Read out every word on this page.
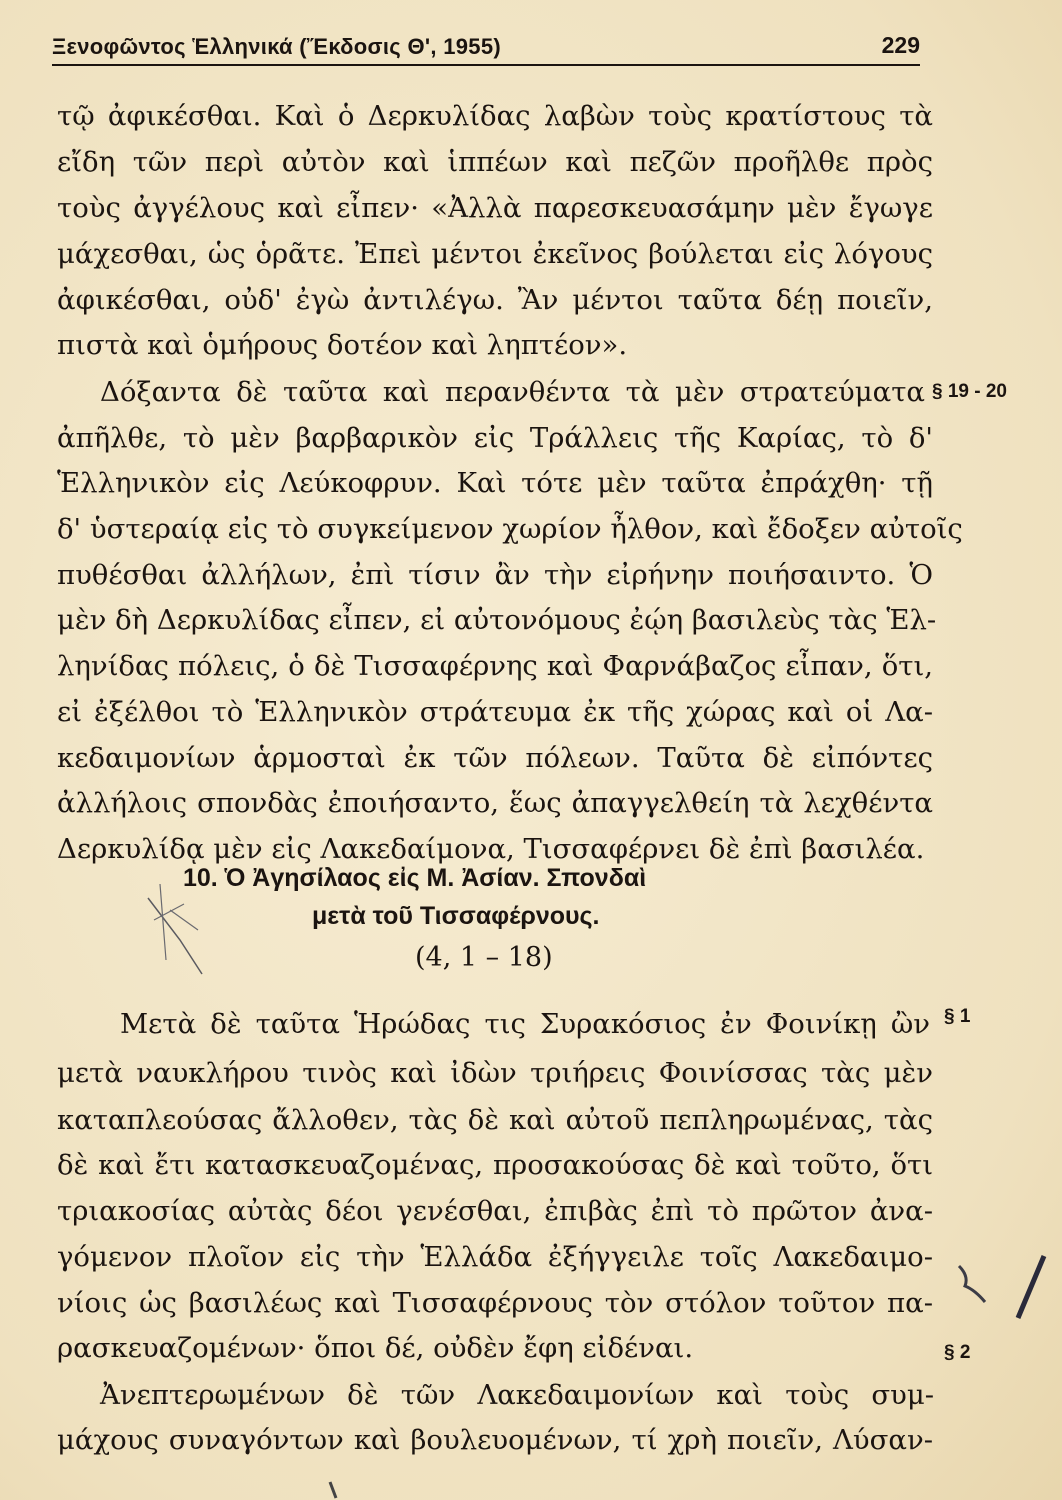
Ξενοφῶντος Ἑλληνικά (Ἔκδοσις Θ', 1955)	229
τῷ ἀφικέσθαι. Καὶ ὁ Δερκυλίδας λαβὼν τοὺς κρατίστους τὰ
εἴδη τῶν περὶ αὐτὸν καὶ ἱππέων καὶ πεζῶν προῆλθε πρὸς
τοὺς ἀγγέλους καὶ εἶπεν· «Ἀλλὰ παρεσκευασάμην μὲν ἔγωγε
μάχεσθαι, ὡς ὁρᾶτε. Ἐπεὶ μέντοι ἐκεῖνος βούλεται εἰς λόγους
ἀφικέσθαι, οὐδ' ἐγὼ ἀντιλέγω. Ἂν μέντοι ταῦτα δέῃ ποιεῖν,
πιστὰ καὶ ὁμήρους δοτέον καὶ ληπτέον».
Δόξαντα δὲ ταῦτα καὶ περανθέντα τὰ μὲν στρατεύματα § 19 - 20
ἀπῆλθε, τὸ μὲν βαρβαρικὸν εἰς Τράλλεις τῆς Καρίας, τὸ δ'
Ἑλληνικὸν εἰς Λεύκοφρυν. Καὶ τότε μὲν ταῦτα ἐπράχθη· τῇ
δ' ὑστεραίᾳ εἰς τὸ συγκείμενον χωρίον ἦλθον, καὶ ἔδοξεν αὐτοῖς
πυθέσθαι ἀλλήλων, ἐπὶ τίσιν ἂν τὴν εἰρήνην ποιήσαιντο. Ὁ
μὲν δὴ Δερκυλίδας εἶπεν, εἰ αὐτονόμους ἐῴη βασιλεὺς τὰς Ἑλ-
ληνίδας πόλεις, ὁ δὲ Τισσαφέρνης καὶ Φαρνάβαζος εἶπαν, ὅτι,
εἰ ἐξέλθοι τὸ Ἑλληνικὸν στράτευμα ἐκ τῆς χώρας καὶ οἱ Λα-
κεδαιμονίων ἁρμοσταὶ ἐκ τῶν πόλεων. Ταῦτα δὲ εἰπόντες
ἀλλήλοις σπονδὰς ἐποιήσαντο, ἕως ἀπαγγελθείη τὰ λεχθέντα
Δερκυλίδᾳ μὲν εἰς Λακεδαίμονα, Τισσαφέρνει δὲ ἐπὶ βασιλέα.
10. Ὁ Ἀγησίλαος εἰς Μ. Ἀσίαν. Σπονδαὶ
μετὰ τοῦ Τισσαφέρνους.
(4, 1 – 18)
Μετὰ δὲ ταῦτα Ἡρώδας τις Συρακόσιος ἐν Φοινίκῃ ὢν § 1
μετὰ ναυκλήρου τινὸς καὶ ἰδὼν τριήρεις Φοινίσσας τὰς μὲν
καταπλεούσας ἄλλοθεν, τὰς δὲ καὶ αὐτοῦ πεπληρωμένας, τὰς
δὲ καὶ ἔτι κατασκευαζομένας, προσακούσας δὲ καὶ τοῦτο, ὅτι
τριακοσίας αὐτὰς δέοι γενέσθαι, ἐπιβὰς ἐπὶ τὸ πρῶτον ἀνα-
γόμενον πλοῖον εἰς τὴν Ἑλλάδα ἐξήγγειλε τοῖς Λακεδαιμο-
νίοις ὡς βασιλέως καὶ Τισσαφέρνους τὸν στόλον τοῦτον πα-
ρασκευαζομένων· ὅποι δέ, οὐδὲν ἔφη εἰδέναι.
Ἀνεπτερωμένων δὲ τῶν Λακεδαιμονίων καὶ τοὺς συμ-
§ 2
μάχους συναγόντων καὶ βουλευομένων, τί χρὴ ποιεῖν, Λύσαν-
